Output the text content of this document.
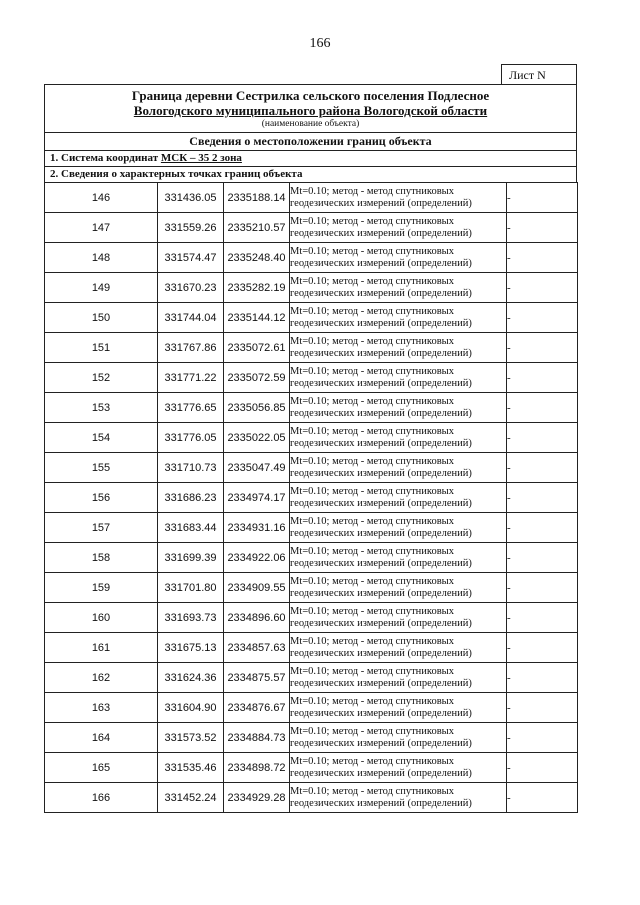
166
Лист N
Граница деревни Сестрилка сельского поселения Подлесное
Вологодского муниципального района Вологодской области
(наименование объекта)
Сведения о местоположении границ объекта
1. Система координат МСК – 35 2 зона
2. Сведения о характерных точках границ объекта
146	331436.05	2335188.14	Mt=0.10; метод - метод спутниковых
геодезических измерений (определений)	-
147	331559.26	2335210.57	Mt=0.10; метод - метод спутниковых
геодезических измерений (определений)	-
148	331574.47	2335248.40	Mt=0.10; метод - метод спутниковых
геодезических измерений (определений)	-
149	331670.23	2335282.19	Mt=0.10; метод - метод спутниковых
геодезических измерений (определений)	-
150	331744.04	2335144.12	Mt=0.10; метод - метод спутниковых
геодезических измерений (определений)	-
151	331767.86	2335072.61	Mt=0.10; метод - метод спутниковых
геодезических измерений (определений)	-
152	331771.22	2335072.59	Mt=0.10; метод - метод спутниковых
геодезических измерений (определений)	-
153	331776.65	2335056.85	Mt=0.10; метод - метод спутниковых
геодезических измерений (определений)	-
154	331776.05	2335022.05	Mt=0.10; метод - метод спутниковых
геодезических измерений (определений)	-
155	331710.73	2335047.49	Mt=0.10; метод - метод спутниковых
геодезических измерений (определений)	-
156	331686.23	2334974.17	Mt=0.10; метод - метод спутниковых
геодезических измерений (определений)	-
157	331683.44	2334931.16	Mt=0.10; метод - метод спутниковых
геодезических измерений (определений)	-
158	331699.39	2334922.06	Mt=0.10; метод - метод спутниковых
геодезических измерений (определений)	-
159	331701.80	2334909.55	Mt=0.10; метод - метод спутниковых
геодезических измерений (определений)	-
160	331693.73	2334896.60	Mt=0.10; метод - метод спутниковых
геодезических измерений (определений)	-
161	331675.13	2334857.63	Mt=0.10; метод - метод спутниковых
геодезических измерений (определений)	-
162	331624.36	2334875.57	Mt=0.10; метод - метод спутниковых
геодезических измерений (определений)	-
163	331604.90	2334876.67	Mt=0.10; метод - метод спутниковых
геодезических измерений (определений)	-
164	331573.52	2334884.73	Mt=0.10; метод - метод спутниковых
геодезических измерений (определений)	-
165	331535.46	2334898.72	Mt=0.10; метод - метод спутниковых
геодезических измерений (определений)	-
166	331452.24	2334929.28	Mt=0.10; метод - метод спутниковых
геодезических измерений (определений)	-
